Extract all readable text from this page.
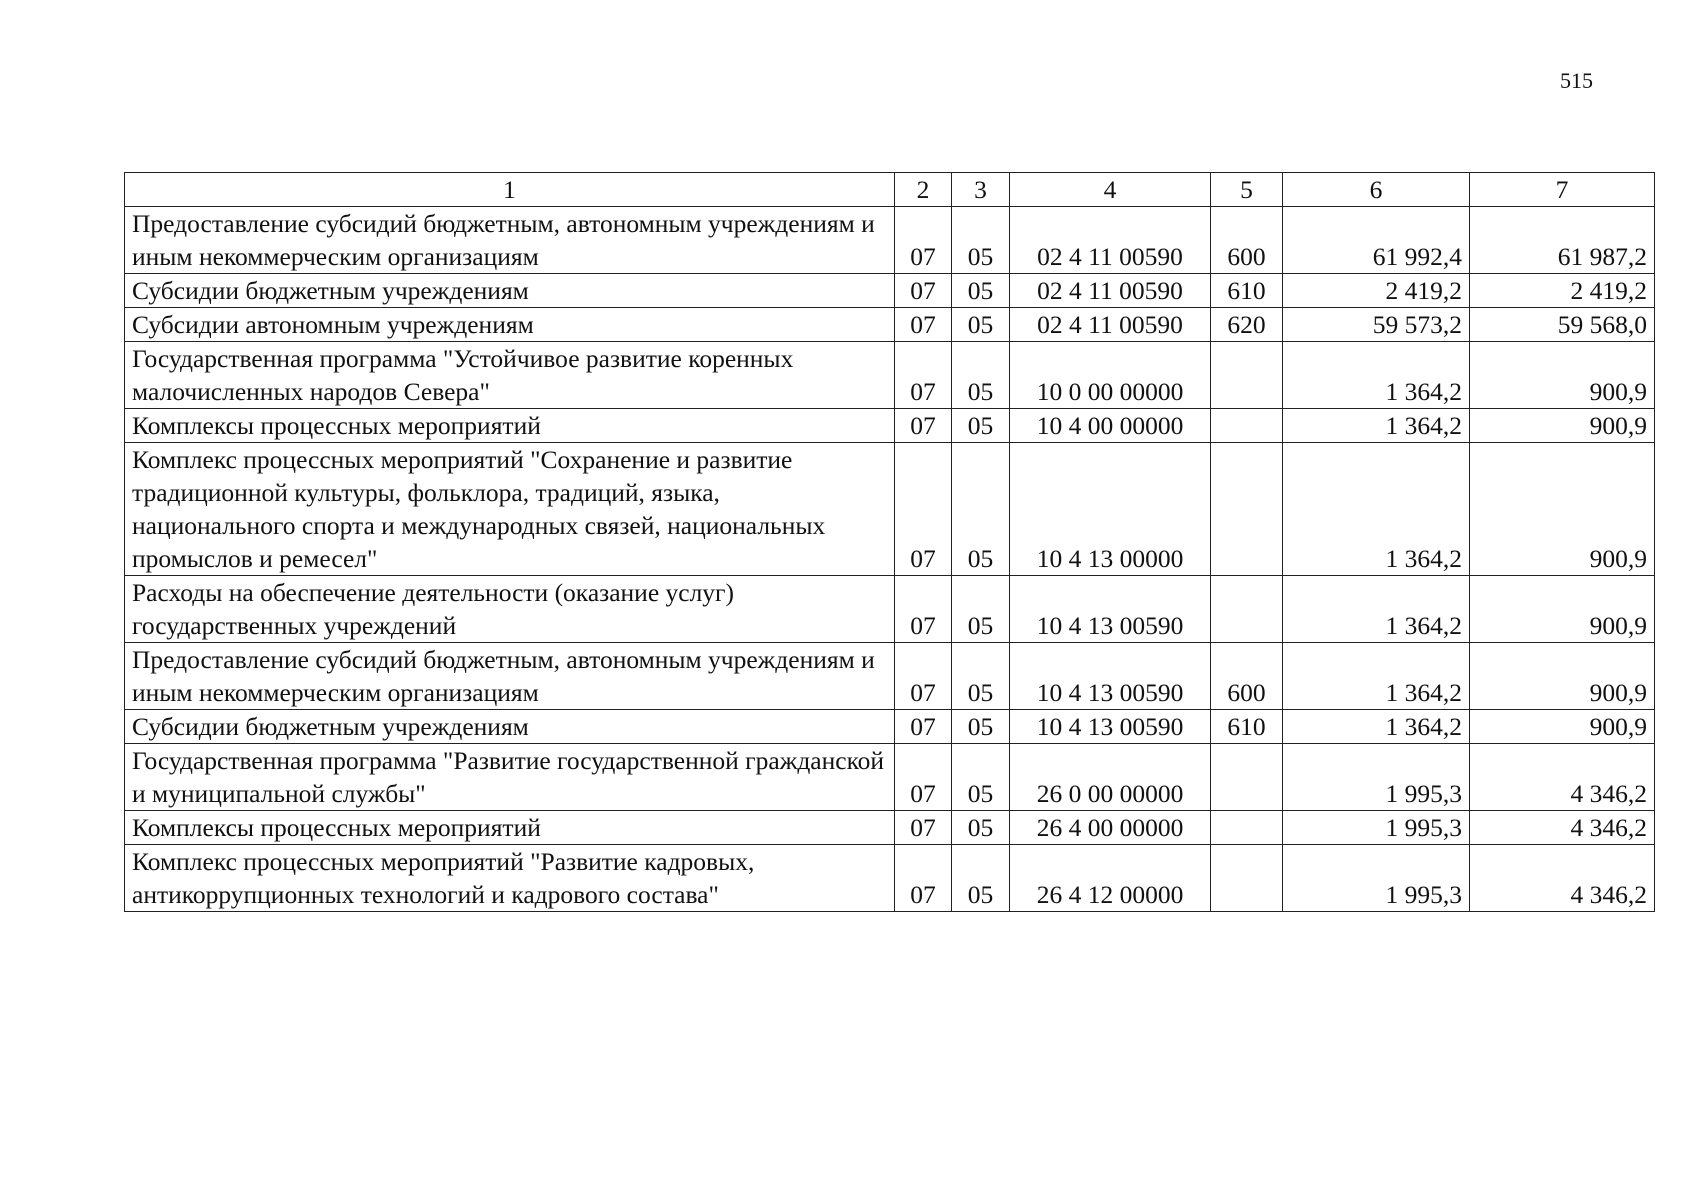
515
1	2	3	4	5	6	7
Предоставление субсидий бюджетным, автономным учреждениям и иным некоммерческим организациям	07	05	02 4 11 00590	600	61 992,4	61 987,2
Субсидии бюджетным учреждениям	07	05	02 4 11 00590	610	2 419,2	2 419,2
Субсидии автономным учреждениям	07	05	02 4 11 00590	620	59 573,2	59 568,0
Государственная программа "Устойчивое развитие коренных малочисленных народов Севера"	07	05	10 0 00 00000		1 364,2	900,9
Комплексы процессных мероприятий	07	05	10 4 00 00000		1 364,2	900,9
Комплекс процессных мероприятий "Сохранение и развитие традиционной культуры, фольклора, традиций, языка, национального спорта и международных связей, национальных промыслов и ремесел"	07	05	10 4 13 00000		1 364,2	900,9
Расходы на обеспечение деятельности (оказание услуг) государственных учреждений	07	05	10 4 13 00590		1 364,2	900,9
Предоставление субсидий бюджетным, автономным учреждениям и иным некоммерческим организациям	07	05	10 4 13 00590	600	1 364,2	900,9
Субсидии бюджетным учреждениям	07	05	10 4 13 00590	610	1 364,2	900,9
Государственная программа "Развитие государственной гражданской и муниципальной службы"	07	05	26 0 00 00000		1 995,3	4 346,2
Комплексы процессных мероприятий	07	05	26 4 00 00000		1 995,3	4 346,2
Комплекс процессных мероприятий "Развитие кадровых, антикоррупционных технологий и кадрового состава"	07	05	26 4 12 00000		1 995,3	4 346,2
